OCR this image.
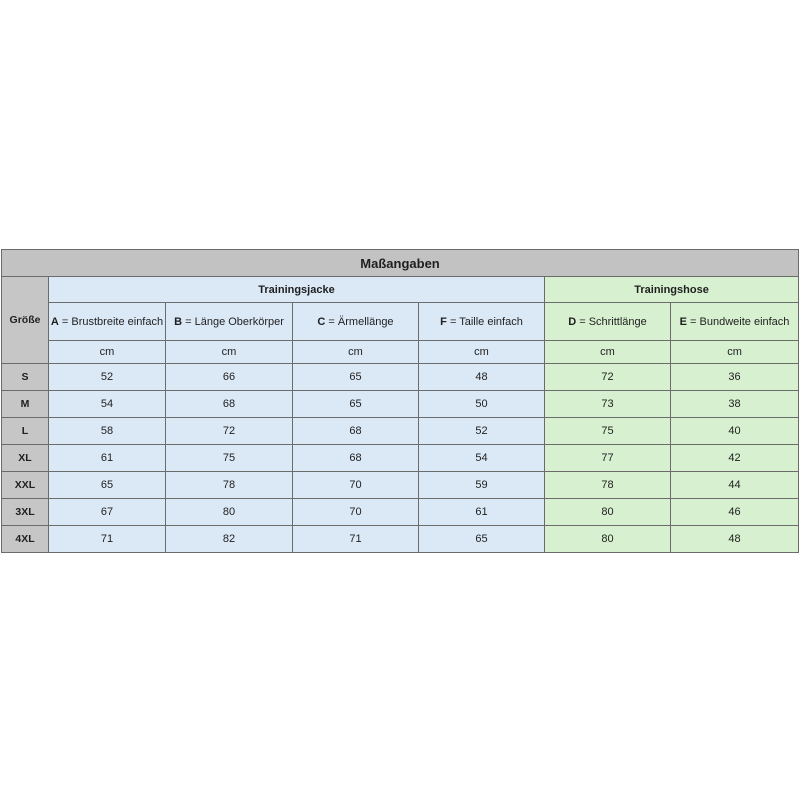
Maßangaben						
Größe	Trainingsjacke				Trainingshose	
	A = Brustbreite einfach	B = Länge Oberkörper	C = Ärmellänge	F = Taille einfach	D = Schrittlänge	E = Bundweite einfach
	cm	cm	cm	cm	cm	cm
S	52	66	65	48	72	36
M	54	68	65	50	73	38
L	58	72	68	52	75	40
XL	61	75	68	54	77	42
XXL	65	78	70	59	78	44
3XL	67	80	70	61	80	46
4XL	71	82	71	65	80	48
